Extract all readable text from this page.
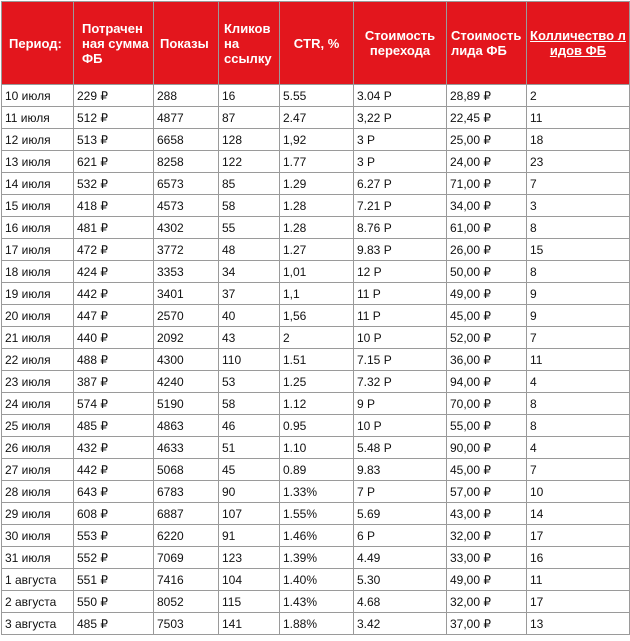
Период:	Потраченная сумма ФБ	Показы	Кликов на ссылку	CTR, %	Стоимость перехода	Стоимость лида ФБ	Колличество лидов ФБ
10 июля	229 ₽	288	16	5.55	3.04 Р	28,89 ₽	2
11 июля	512 ₽	4877	87	2.47	3,22 Р	22,45 ₽	11
12 июля	513 ₽	6658	128	1,92	3 Р	25,00 ₽	18
13 июля	621 ₽	8258	122	1.77	3 Р	24,00 ₽	23
14 июля	532 ₽	6573	85	1.29	6.27 Р	71,00 ₽	7
15 июля	418 ₽	4573	58	1.28	7.21 Р	34,00 ₽	3
16 июля	481 ₽	4302	55	1.28	8.76 Р	61,00 ₽	8
17 июля	472 ₽	3772	48	1.27	9.83 Р	26,00 ₽	15
18 июля	424 ₽	3353	34	1,01	12 Р	50,00 ₽	8
19 июля	442 ₽	3401	37	1,1	11 Р	49,00 ₽	9
20 июля	447 ₽	2570	40	1,56	11 Р	45,00 ₽	9
21 июля	440 ₽	2092	43	2	10 Р	52,00 ₽	7
22 июля	488 ₽	4300	110	1.51	7.15 Р	36,00 ₽	11
23 июля	387 ₽	4240	53	1.25	7.32 Р	94,00 ₽	4
24 июля	574 ₽	5190	58	1.12	9 Р	70,00 ₽	8
25 июля	485 ₽	4863	46	0.95	10 Р	55,00 ₽	8
26 июля	432 ₽	4633	51	1.10	5.48 Р	90,00 ₽	4
27 июля	442 ₽	5068	45	0.89	9.83	45,00 ₽	7
28 июля	643 ₽	6783	90	1.33%	7 Р	57,00 ₽	10
29 июля	608 ₽	6887	107	1.55%	5.69	43,00 ₽	14
30 июля	553 ₽	6220	91	1.46%	6 Р	32,00 ₽	17
31 июля	552 ₽	7069	123	1.39%	4.49	33,00 ₽	16
1 августа	551 ₽	7416	104	1.40%	5.30	49,00 ₽	11
2 августа	550 ₽	8052	115	1.43%	4.68	32,00 ₽	17
3 августа	485 ₽	7503	141	1.88%	3.42	37,00 ₽	13
